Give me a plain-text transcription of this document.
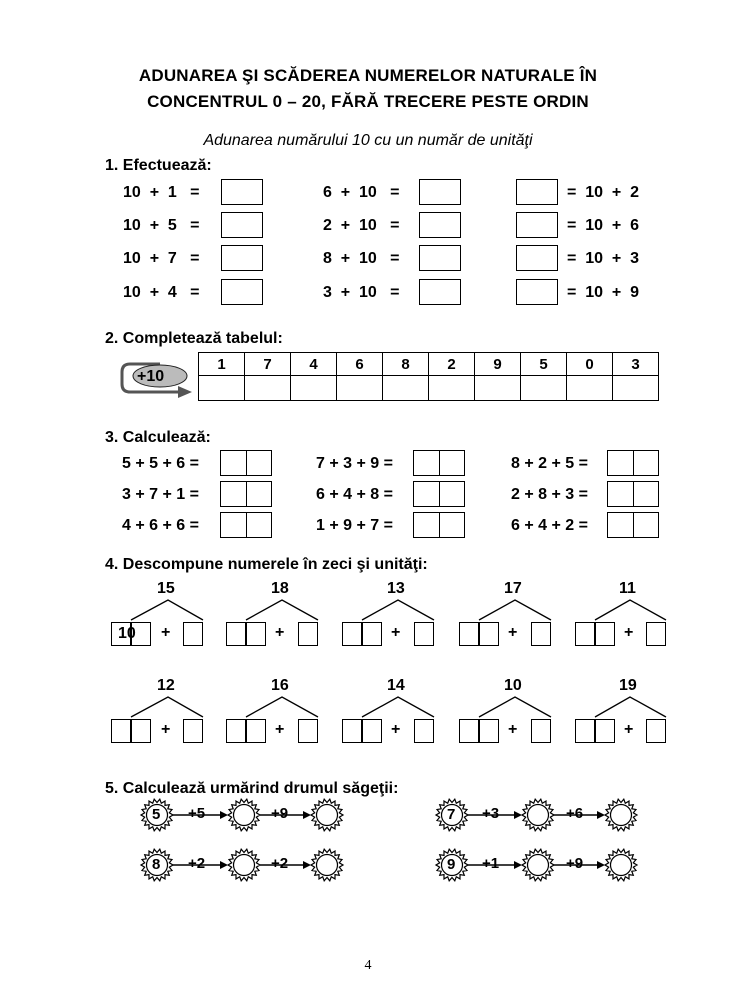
ADUNAREA ŞI SCĂDEREA NUMERELOR NATURALE ÎN
CONCENTRUL 0 – 20, FĂRĂ TRECERE PESTE ORDIN
Adunarea numărului 10 cu un număr de unităţi
1. Efectuează:
10  +  1   =	6  +  10   =	=  10  +  2
10  +  5   =	2  +  10   =	=  10  +  6
10  +  7   =	8  +  10   =	=  10  +  3
10  +  4   =	3  +  10   =	=  10  +  9
2. Completează tabelul:
+10
1	7	4	6	8	2	9	5	0	3

3. Calculează:
5 + 5 + 6 =	7 + 3 + 9 =	8 + 2 + 5 =
3 + 7 + 1 =	6 + 4 + 8 =	2 + 8 + 3 =
4 + 6 + 6 =	1 + 9 + 7 =	6 + 4 + 2 =
4. Descompune numerele în zeci şi unităţi:
15	18	13	17	11
10 +	+	+	+	+
12	16	14	10	19
+	+	+	+	+
5. Calculează urmărind drumul săgeţii:
5 +5	+9	7 +3	+6
8 +2	+2	9 +1	+9
4
